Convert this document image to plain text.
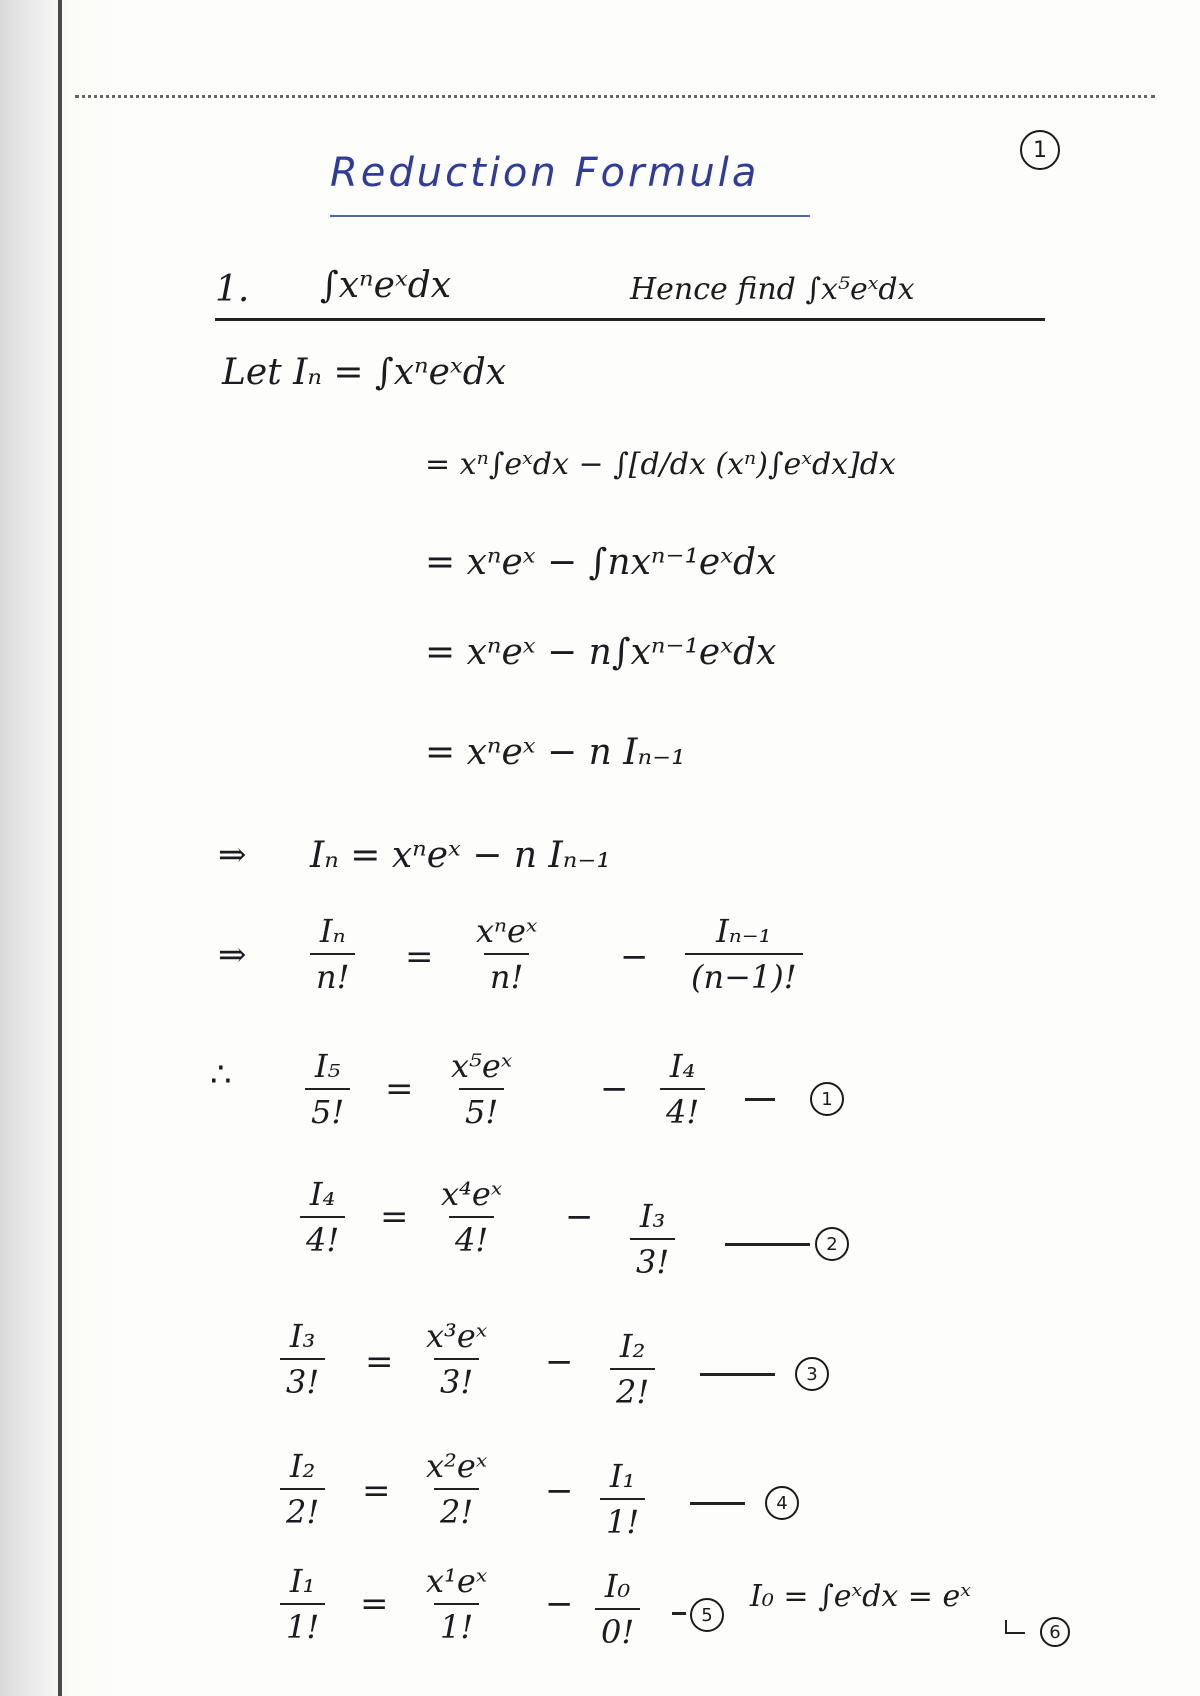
1
Reduction Formula
1. ∫xⁿeˣdx	Hence find ∫x⁵eˣdx
Let Iₙ = ∫xⁿeˣdx
= xⁿ∫eˣdx − ∫[d/dx (xⁿ)∫eˣdx]dx
= xⁿeˣ − ∫nxⁿ⁻¹eˣdx
= xⁿeˣ − n∫xⁿ⁻¹eˣdx
= xⁿeˣ − n Iₙ₋₁
⇒ Iₙ = xⁿeˣ − n Iₙ₋₁
⇒ $\frac{\text{Iₙ}}{n!}$ =
xⁿeˣ
n!	− $\frac{\text{Iₙ₋₁}}{(n-1)!}$
∴ $\frac{\text{I₅}}{5!} = \frac{\text{x⁵eˣ}}{5!} - \frac{\text{I₄}}{4!}$	1
$\frac{\text{I₄}}{4!} = \frac{\text{x⁴eˣ}}{4!} - \frac{\text{I₃}}{3!}$	2
$\frac{\text{I₃}}{3!} = \frac{\text{x³eˣ}}{3!} - \frac{\text{I₂}}{2!}$	3
$\frac{\text{I₂}}{2!} = \frac{\text{x²eˣ}}{2!} - \frac{\text{I₁}}{1!}$	4
$\frac{\text{I₁}}{1!} = \frac{\text{x¹eˣ}}{1!} - \frac{\text{I₀}}{0!}$	5
I₀ = ∫eˣdx = eˣ
6
